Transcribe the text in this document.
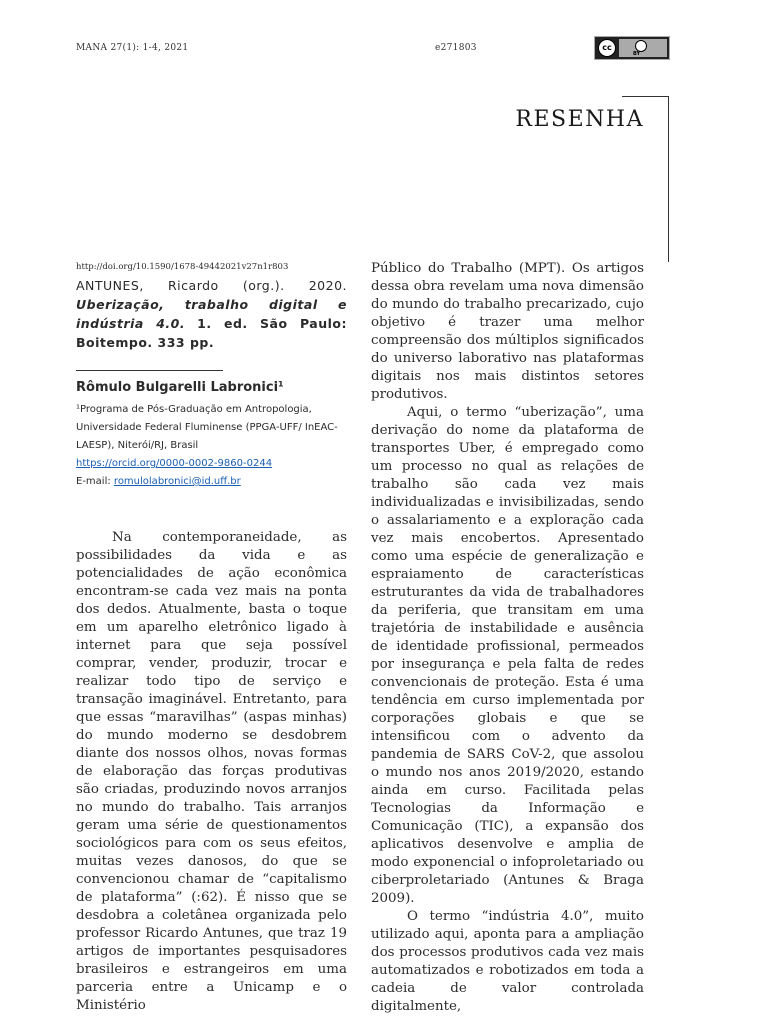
MANA 27(1): 1-4, 2021	e271803	cc
BY
RESENHA
http://doi.org/10.1590/1678-49442021v27n1r803
ANTUNES, Ricardo (org.). 2020. Uberização, trabalho digital e indústria 4.0. 1. ed. São Paulo: Boitempo. 333 pp.
Rômulo Bulgarelli Labronici¹
¹Programa de Pós-Graduação em Antropologia, Universidade Federal Fluminense (PPGA-UFF/ InEAC-LAESP), Niterói/RJ, Brasil
https://orcid.org/0000-0002-9860-0244
E-mail: romulolabronici@id.uff.br

Na contemporaneidade, as possibilidades da vida e as potencialidades de ação econômica encontram-se cada vez mais na ponta dos dedos. Atualmente, basta o toque em um aparelho eletrônico ligado à internet para que seja possível comprar, vender, produzir, trocar e realizar todo tipo de serviço e transação imaginável. Entretanto, para que essas “maravilhas” (aspas minhas) do mundo moderno se desdobrem diante dos nossos olhos, novas formas de elaboração das forças produtivas são criadas, produzindo novos arranjos no mundo do trabalho. Tais arranjos geram uma série de questionamentos sociológicos para com os seus efeitos, muitas vezes danosos, do que se convencionou chamar de “capitalismo de plataforma” (:62). É nisso que se desdobra a coletânea organizada pelo professor Ricardo Antunes, que traz 19 artigos de importantes pesquisadores brasileiros e estrangeiros em uma parceria entre a Unicamp e o Ministério

Público do Trabalho (MPT). Os artigos dessa obra revelam uma nova dimensão do mundo do trabalho precarizado, cujo objetivo é trazer uma melhor compreensão dos múltiplos significados do universo laborativo nas plataformas digitais nos mais distintos setores produtivos.

Aqui, o termo “uberização”, uma derivação do nome da plataforma de transportes Uber, é empregado como um processo no qual as relações de trabalho são cada vez mais individualizadas e invisibilizadas, sendo o assalariamento e a exploração cada vez mais encobertos. Apresentado como uma espécie de generalização e espraiamento de características estruturantes da vida de trabalhadores da periferia, que transitam em uma trajetória de instabilidade e ausência de identidade profissional, permeados por insegurança e pela falta de redes convencionais de proteção. Esta é uma tendência em curso implementada por corporações globais e que se intensificou com o advento da pandemia de SARS CoV-2, que assolou o mundo nos anos 2019/2020, estando ainda em curso. Facilitada pelas Tecnologias da Informação e Comunicação (TIC), a expansão dos aplicativos desenvolve e amplia de modo exponencial o infoproletariado ou ciberproletariado (Antunes & Braga 2009).

O termo “indústria 4.0”, muito utilizado aqui, aponta para a ampliação dos processos produtivos cada vez mais automatizados e robotizados em toda a cadeia de valor controlada digitalmente,
